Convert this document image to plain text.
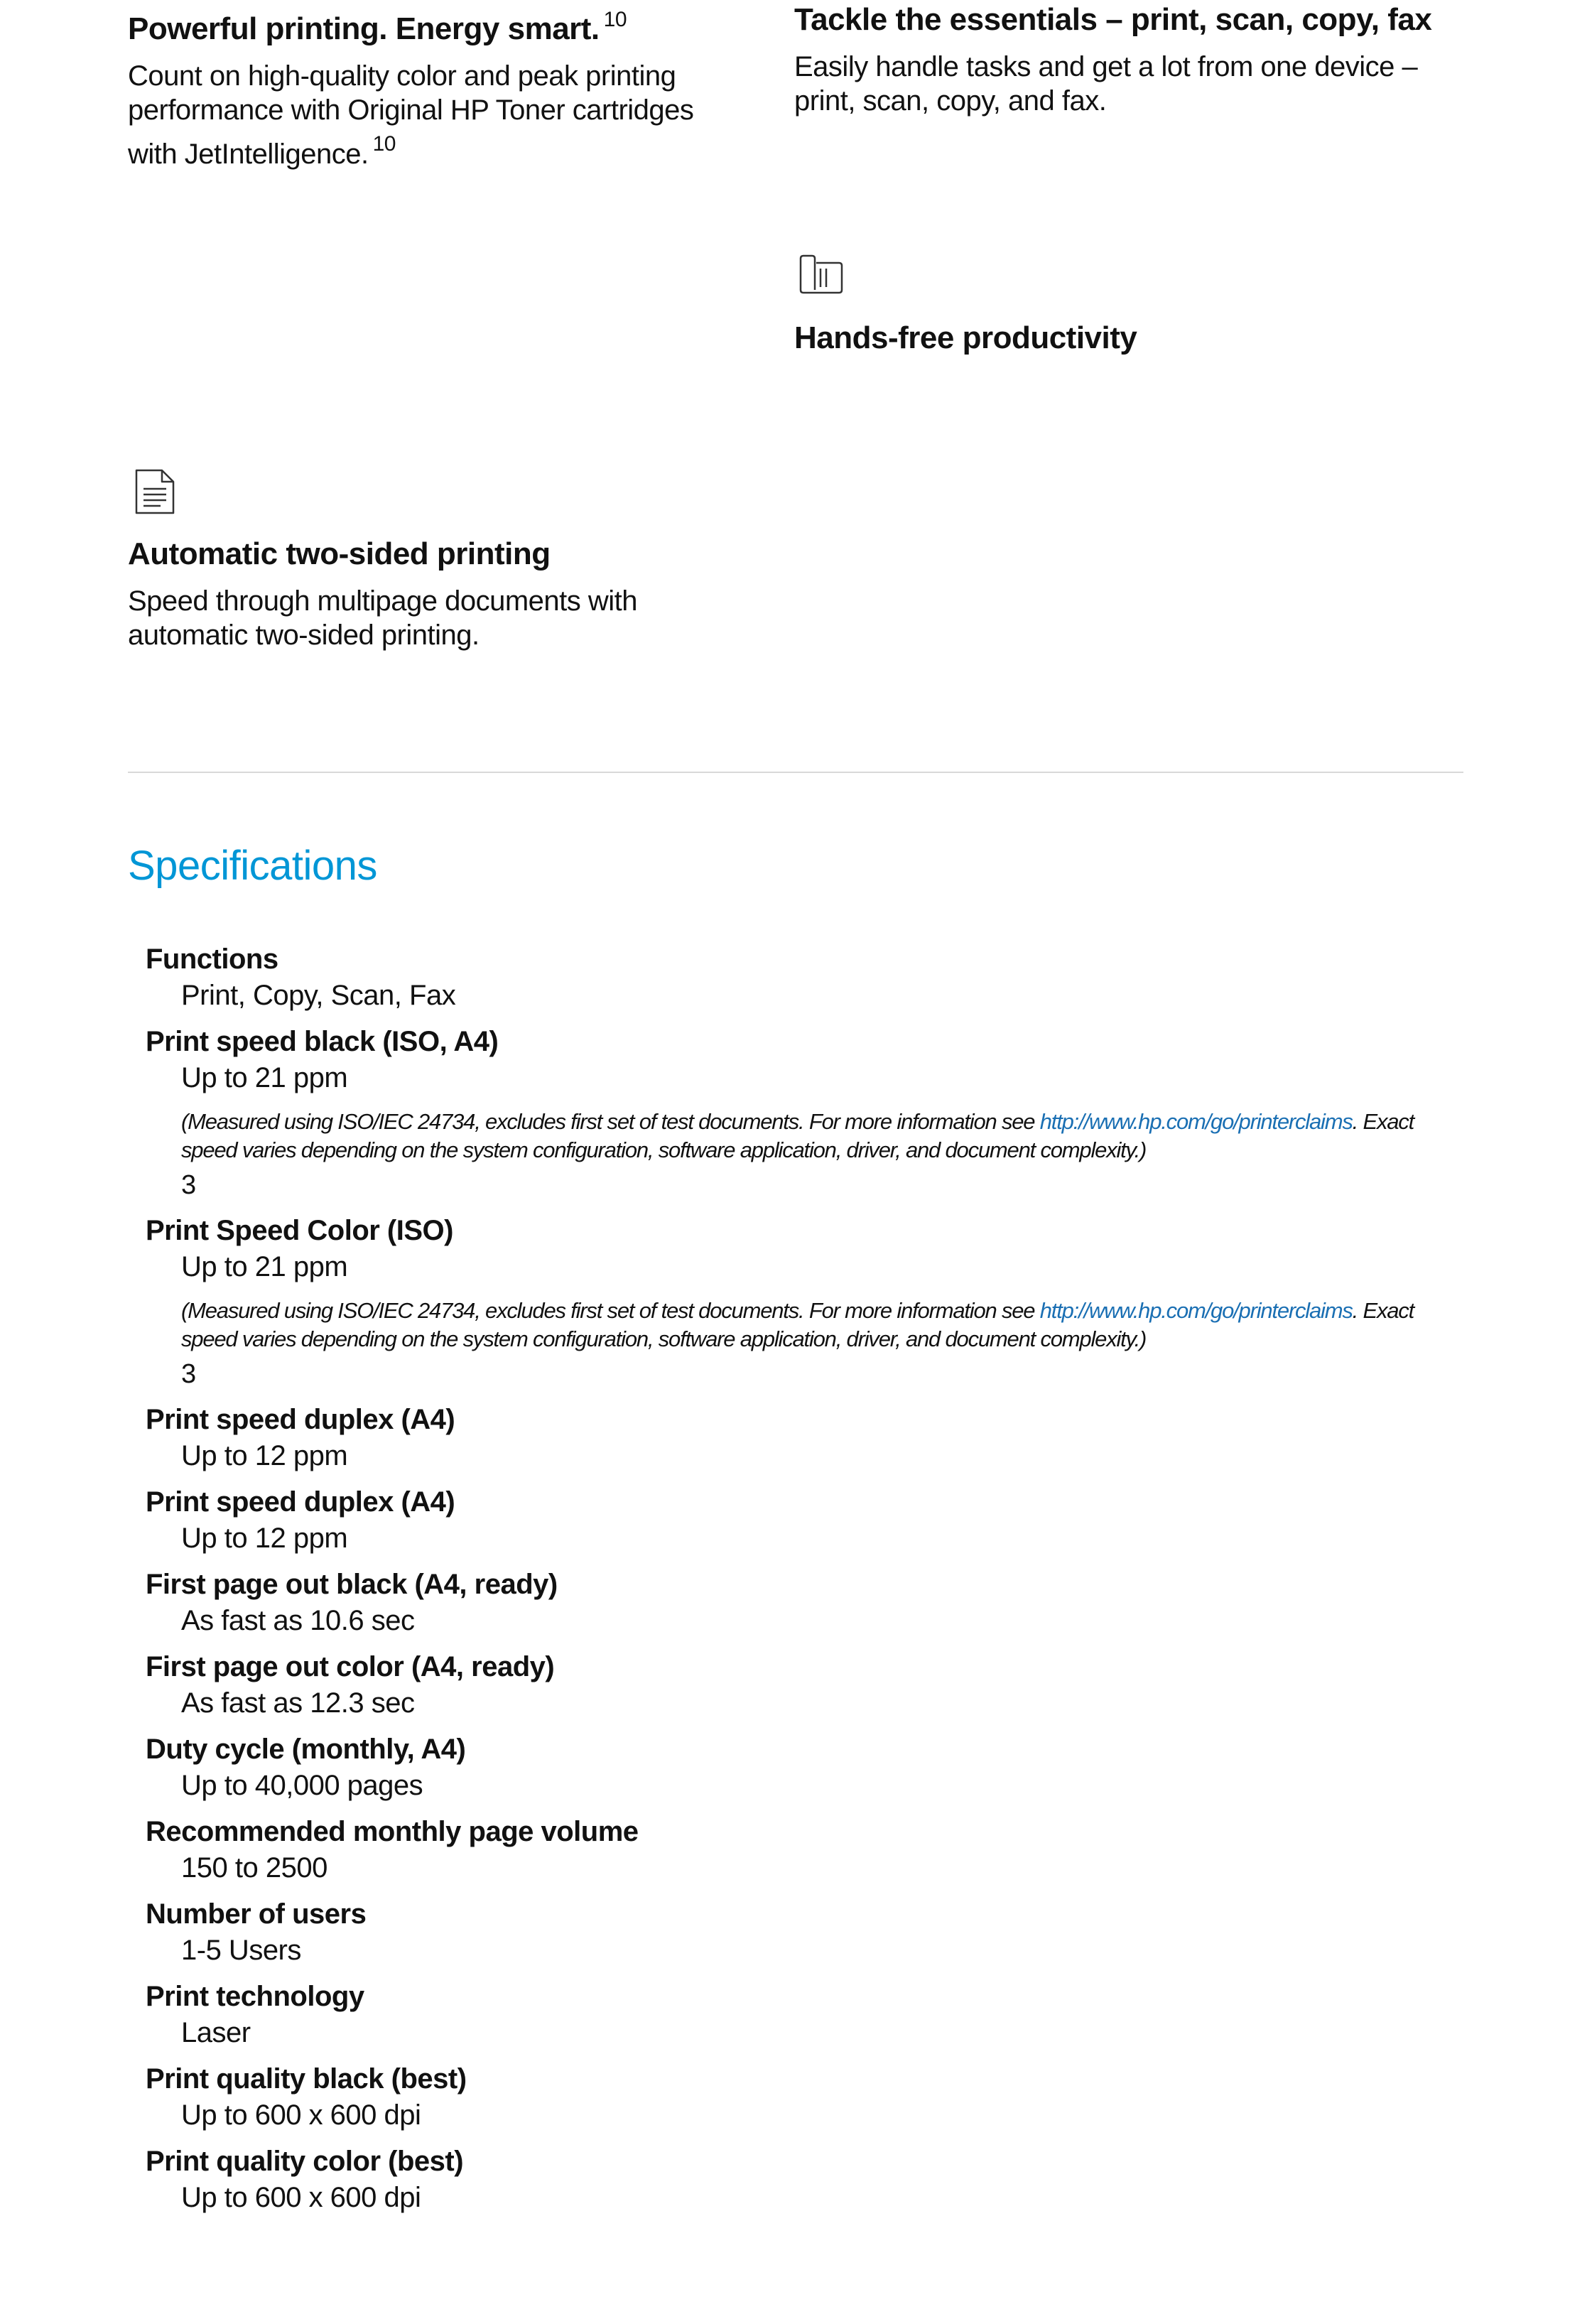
Powerful printing. Energy smart. $^{10}$

Count on high-quality color and peak printing performance with Original HP Toner cartridges with JetIntelligence. $^{10}$

Tackle the essentials – print, scan, copy, fax

Easily handle tasks and get a lot from one device – print, scan, copy, and fax.

Hands-free productivity
Automatic two-sided printing

Speed through multipage documents with automatic two-sided printing.

Specifications
Functions
Print, Copy, Scan, Fax
Print speed black (ISO, A4)
Up to 21 ppm
(Measured using ISO/IEC 24734, excludes first set of test documents. For more information see http://www.hp.com/go/printerclaims. Exact speed varies depending on the system configuration, software application, driver, and document complexity.)
3
Print Speed Color (ISO)
Up to 21 ppm
(Measured using ISO/IEC 24734, excludes first set of test documents. For more information see http://www.hp.com/go/printerclaims. Exact speed varies depending on the system configuration, software application, driver, and document complexity.)
3
Print speed duplex (A4)
Up to 12 ppm
Print speed duplex (A4)
Up to 12 ppm
First page out black (A4, ready)
As fast as 10.6 sec
First page out color (A4, ready)
As fast as 12.3 sec
Duty cycle (monthly, A4)
Up to 40,000 pages
Recommended monthly page volume
150 to 2500
Number of users
1-5 Users
Print technology
Laser
Print quality black (best)
Up to 600 x 600 dpi
Print quality color (best)
Up to 600 x 600 dpi
